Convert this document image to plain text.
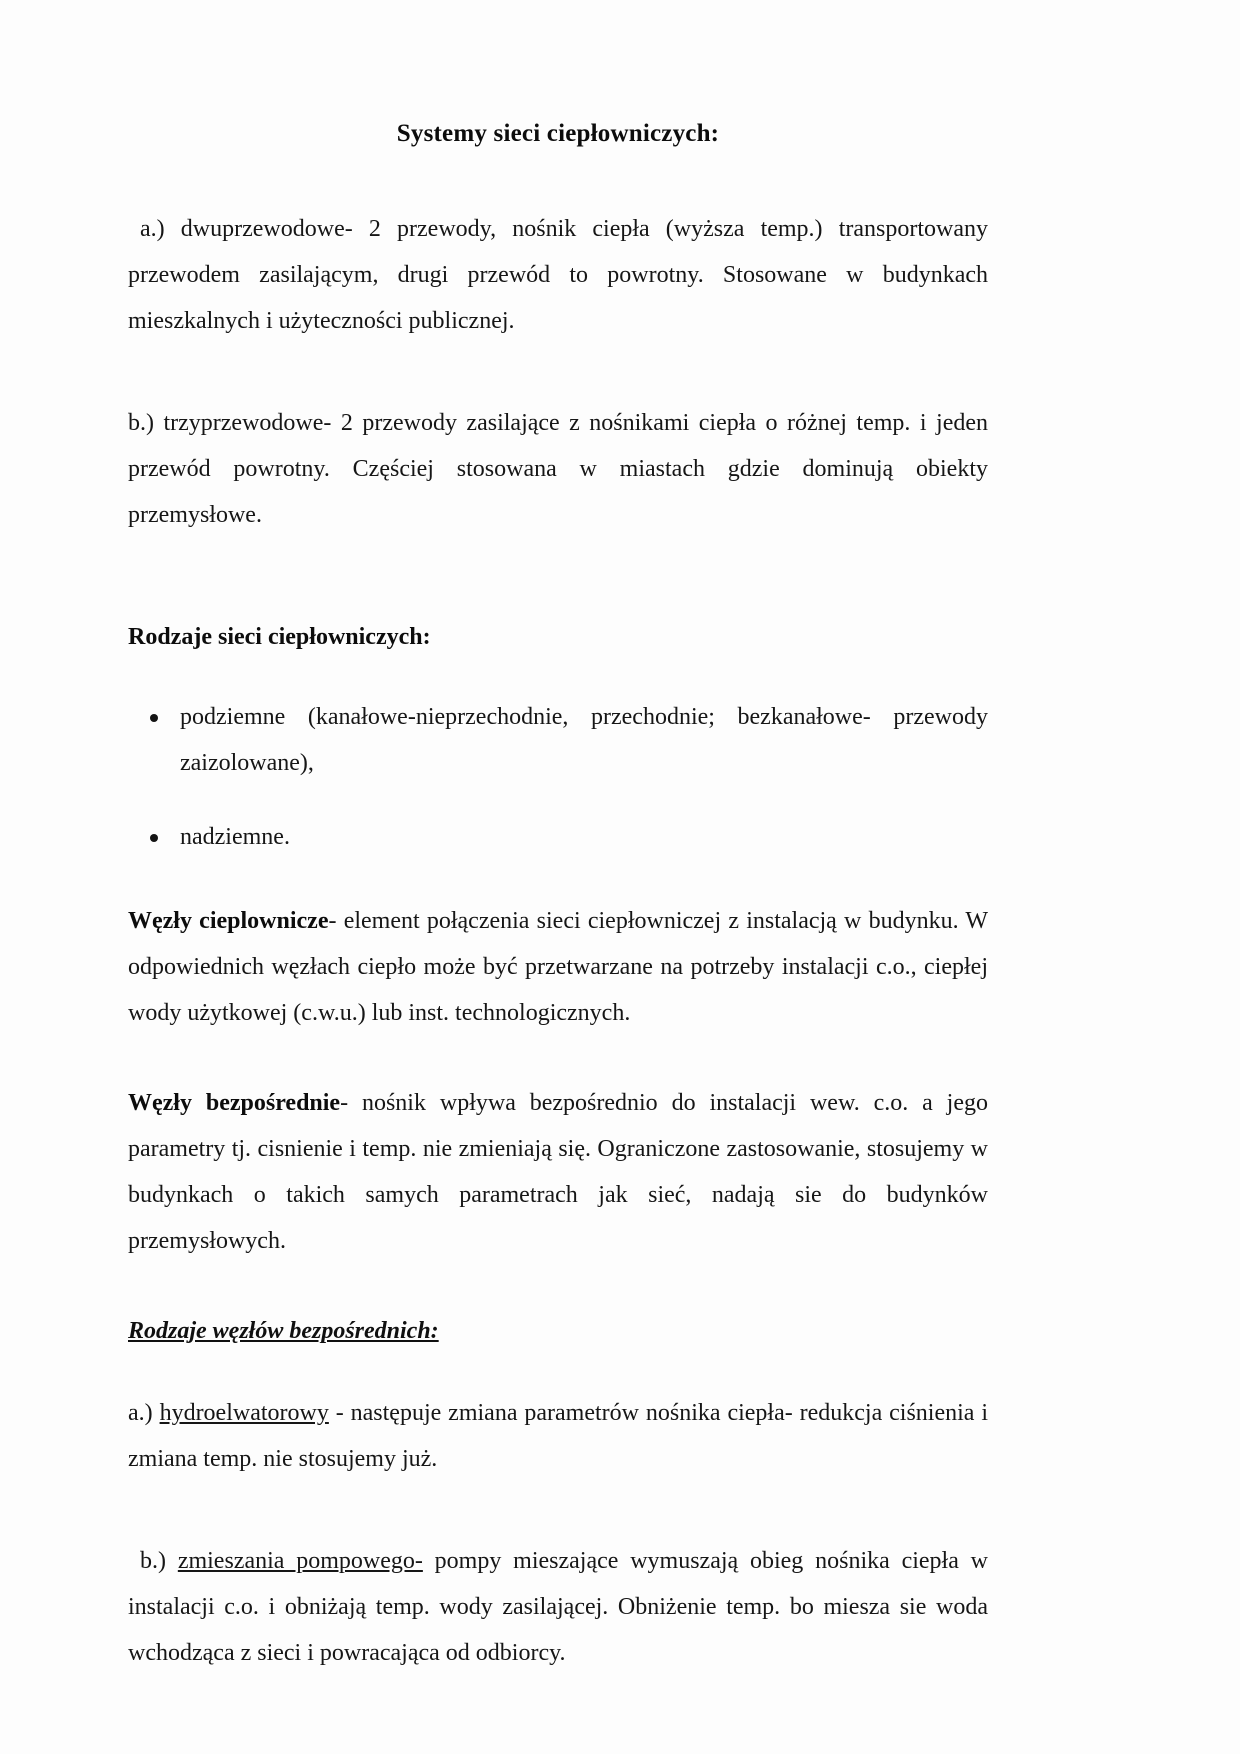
Systemy sieci ciepłowniczych:

a.) dwuprzewodowe- 2 przewody, nośnik ciepła (wyższa temp.) transportowany przewodem zasilającym, drugi przewód to powrotny. Stosowane w budynkach mieszkalnych i użyteczności publicznej.

b.) trzyprzewodowe- 2 przewody zasilające z nośnikami ciepła o różnej temp. i jeden przewód powrotny. Częściej stosowana w miastach gdzie dominują obiekty przemysłowe.

Rodzaje sieci ciepłowniczych:
podziemne (kanałowe-nieprzechodnie, przechodnie; bezkanałowe- przewody zaizolowane),
nadziemne.

Węzły cieplownicze- element połączenia sieci ciepłowniczej z instalacją w budynku. W odpowiednich węzłach ciepło może być przetwarzane na potrzeby instalacji c.o., ciepłej wody użytkowej (c.w.u.) lub inst. technologicznych.

Węzły bezpośrednie- nośnik wpływa bezpośrednio do instalacji wew. c.o. a jego parametry tj. cisnienie i temp. nie zmieniają się. Ograniczone zastosowanie, stosujemy w budynkach o takich samych parametrach jak sieć, nadają sie do budynków przemysłowych.

Rodzaje węzłów bezpośrednich:

a.) hydroelwatorowy - następuje zmiana parametrów nośnika ciepła- redukcja ciśnienia i zmiana temp. nie stosujemy już.

b.) zmieszania pompowego- pompy mieszające wymuszają obieg nośnika ciepła w instalacji c.o. i obniżają temp. wody zasilającej. Obniżenie temp. bo miesza sie woda wchodząca z sieci i powracająca od odbiorcy.
